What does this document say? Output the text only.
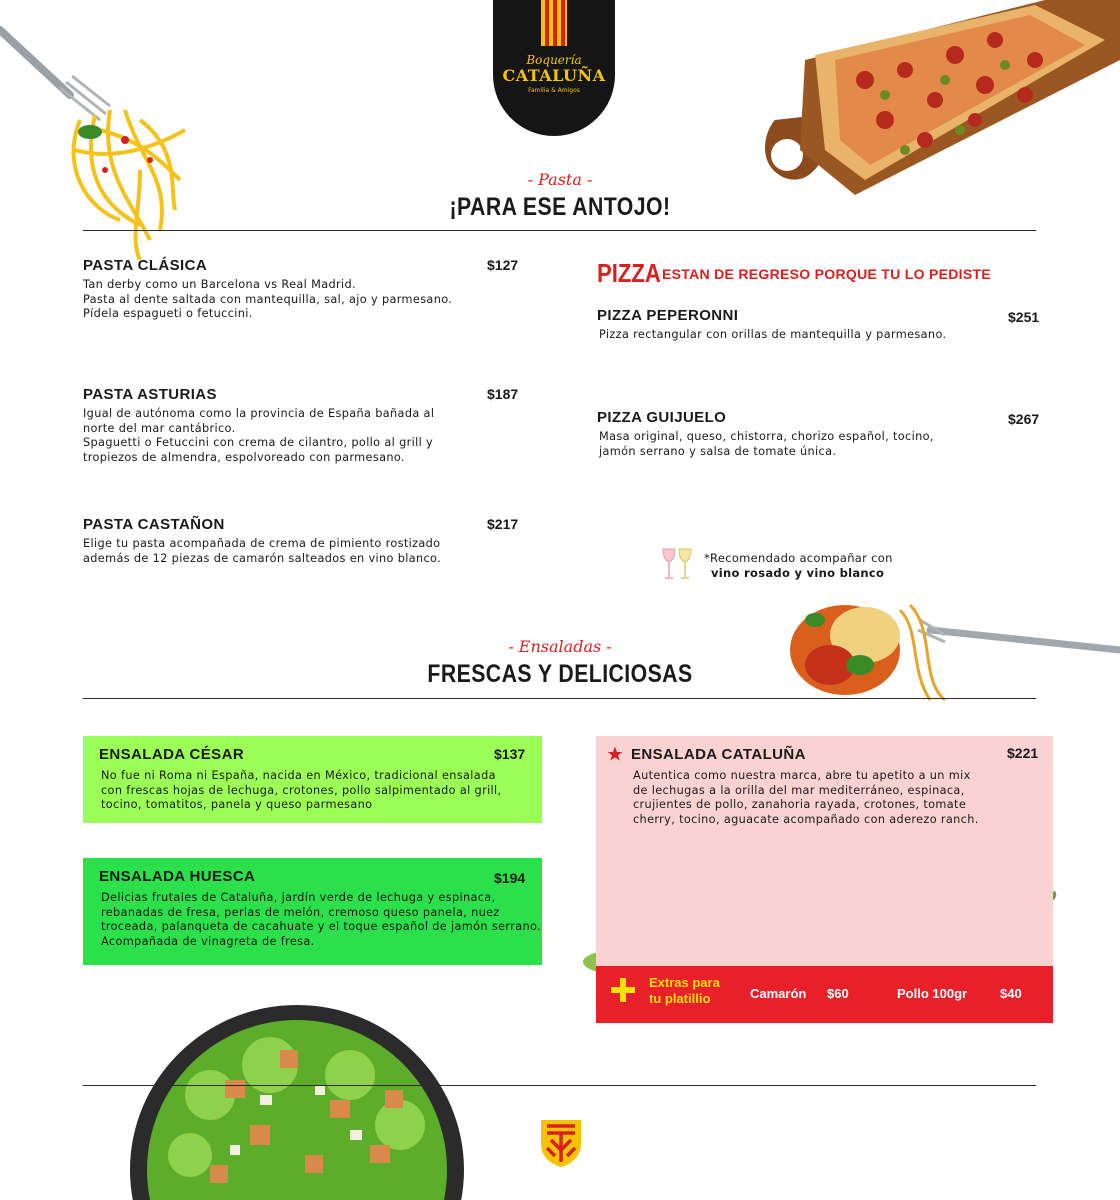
Boquería
CATALUÑA
Familia & Amigos
- Pasta -
¡PARA ESE ANTOJO!
PASTA CLÁSICA	$127
Tan derby como un Barcelona vs Real Madrid.
Pasta al dente saltada con mantequilla, sal, ajo y parmesano.
Pídela espagueti o fetuccini.
PASTA ASTURIAS	$187
Igual de autónoma como la provincia de España bañada al
norte del mar cantábrico.
Spaguetti o Fetuccini con crema de cilantro, pollo al grill y
tropiezos de almendra, espolvoreado con parmesano.
PASTA CASTAÑON	$217
Elige tu pasta acompañada de crema de pimiento rostizado
además de 12 piezas de camarón salteados en vino blanco.
PIZZA ESTAN DE REGRESO PORQUE TU LO PEDISTE
PIZZA PEPERONNI	$251
Pizza rectangular con orillas de mantequilla y parmesano.
PIZZA GUIJUELO	$267
Masa original, queso, chistorra, chorizo español, tocino,
jamón serrano y salsa de tomate única.
*Recomendado acompañar con
vino rosado y vino blanco
- Ensaladas -
FRESCAS Y DELICIOSAS
ENSALADA CÉSAR	$137
No fue ni Roma ni España, nacida en México, tradicional ensalada
con frescas hojas de lechuga, crotones, pollo salpimentado al grill,
tocino, tomatitos, panela y queso parmesano
ENSALADA HUESCA	$194
Delicias frutales de Cataluña, jardín verde de lechuga y espinaca,
rebanadas de fresa, perlas de melón, cremoso queso panela, nuez
troceada, palanqueta de cacahuate y el toque español de jamón serrano.
Acompañada de vinagreta de fresa.
ENSALADA CATALUÑA	$221
Autentica como nuestra marca, abre tu apetito a un mix
de lechugas a la orilla del mar mediterráneo, espinaca,
crujientes de pollo, zanahoria rayada, crotones, tomate
cherry, tocino, aguacate acompañado con aderezo ranch.
Extras para
tu platillio	Camarón $60	Pollo 100gr	$40
